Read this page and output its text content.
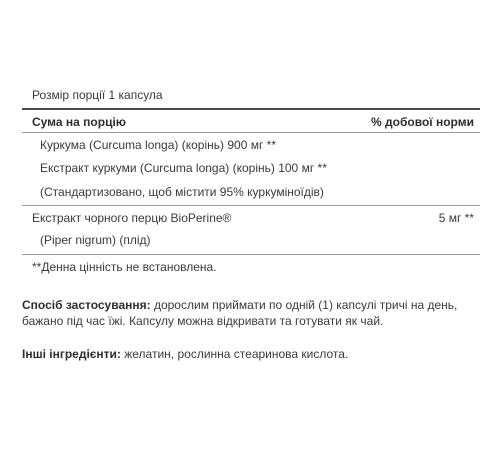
Розмір порції 1 капсула
Сума на порцію	% добової норми
Куркума (Curcuma longa) (корінь) 900 мг **
Екстракт куркуми (Curcuma longa) (корінь) 100 мг **
(Стандартизовано, щоб містити 95% куркуміноїдів)
Екстракт чорного перцю BioPerine®	5 мг **
(Piper nigrum) (плід)
**Денна цінність не встановлена.
Спосіб застосування: дорослим приймати по одній (1) капсулі тричі на день, бажано під час їжі. Капсулу можна відкривати та готувати як чай.
Інші інгредієнти: желатин, рослинна стеаринова кислота.
